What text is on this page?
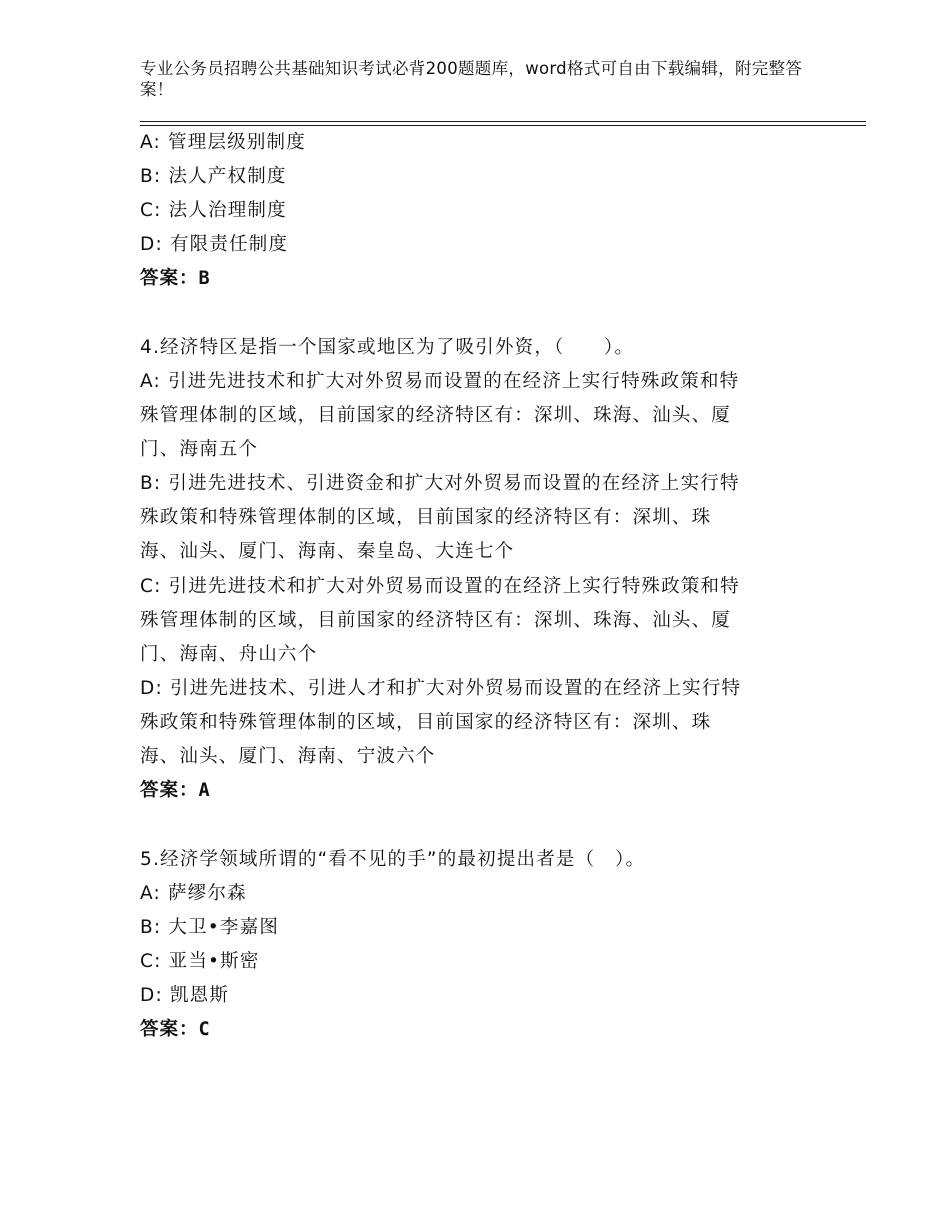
专业公务员招聘公共基础知识考试必背200题题库，word格式可自由下载编辑，附完整答案！
A: 管理层级别制度
B: 法人产权制度
C: 法人治理制度
D: 有限责任制度
答案：B
4.经济特区是指一个国家或地区为了吸引外资，（　　）。
A: 引进先进技术和扩大对外贸易而设置的在经济上实行特殊政策和特
殊管理体制的区域，目前国家的经济特区有：深圳、珠海、汕头、厦
门、海南五个
B: 引进先进技术、引进资金和扩大对外贸易而设置的在经济上实行特
殊政策和特殊管理体制的区域，目前国家的经济特区有：深圳、珠
海、汕头、厦门、海南、秦皇岛、大连七个
C: 引进先进技术和扩大对外贸易而设置的在经济上实行特殊政策和特
殊管理体制的区域，目前国家的经济特区有：深圳、珠海、汕头、厦
门、海南、舟山六个
D: 引进先进技术、引进人才和扩大对外贸易而设置的在经济上实行特
殊政策和特殊管理体制的区域，目前国家的经济特区有：深圳、珠
海、汕头、厦门、海南、宁波六个
答案：A
5.经济学领域所谓的“看不见的手”的最初提出者是（　）。
A: 萨缪尔森
B: 大卫•李嘉图
C: 亚当•斯密
D: 凯恩斯
答案：C
